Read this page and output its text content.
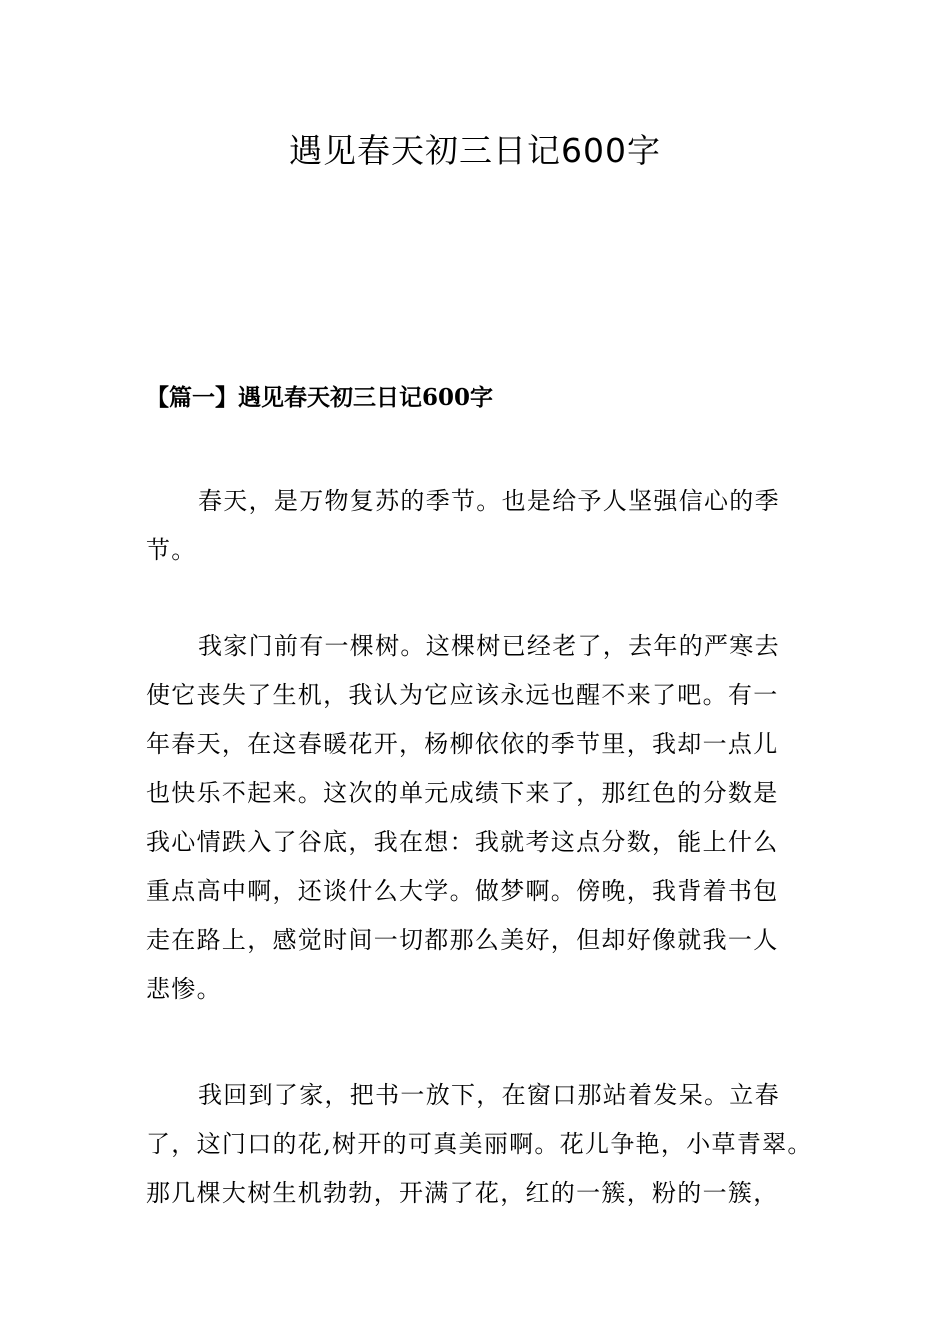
遇见春天初三日记600字
【篇一】遇见春天初三日记600字

春天，是万物复苏的季节。也是给予人坚强信心的季
节。

我家门前有一棵树。这棵树已经老了，去年的严寒去
使它丧失了生机，我认为它应该永远也醒不来了吧。有一
年春天，在这春暖花开，杨柳依依的季节里，我却一点儿
也快乐不起来。这次的单元成绩下来了，那红色的分数是
我心情跌入了谷底，我在想：我就考这点分数，能上什么
重点高中啊，还谈什么大学。做梦啊。傍晚，我背着书包
走在路上，感觉时间一切都那么美好，但却好像就我一人
悲惨。

我回到了家，把书一放下，在窗口那站着发呆。立春
了，这门口的花,树开的可真美丽啊。花儿争艳，小草青翠。
那几棵大树生机勃勃，开满了花，红的一簇，粉的一簇，
